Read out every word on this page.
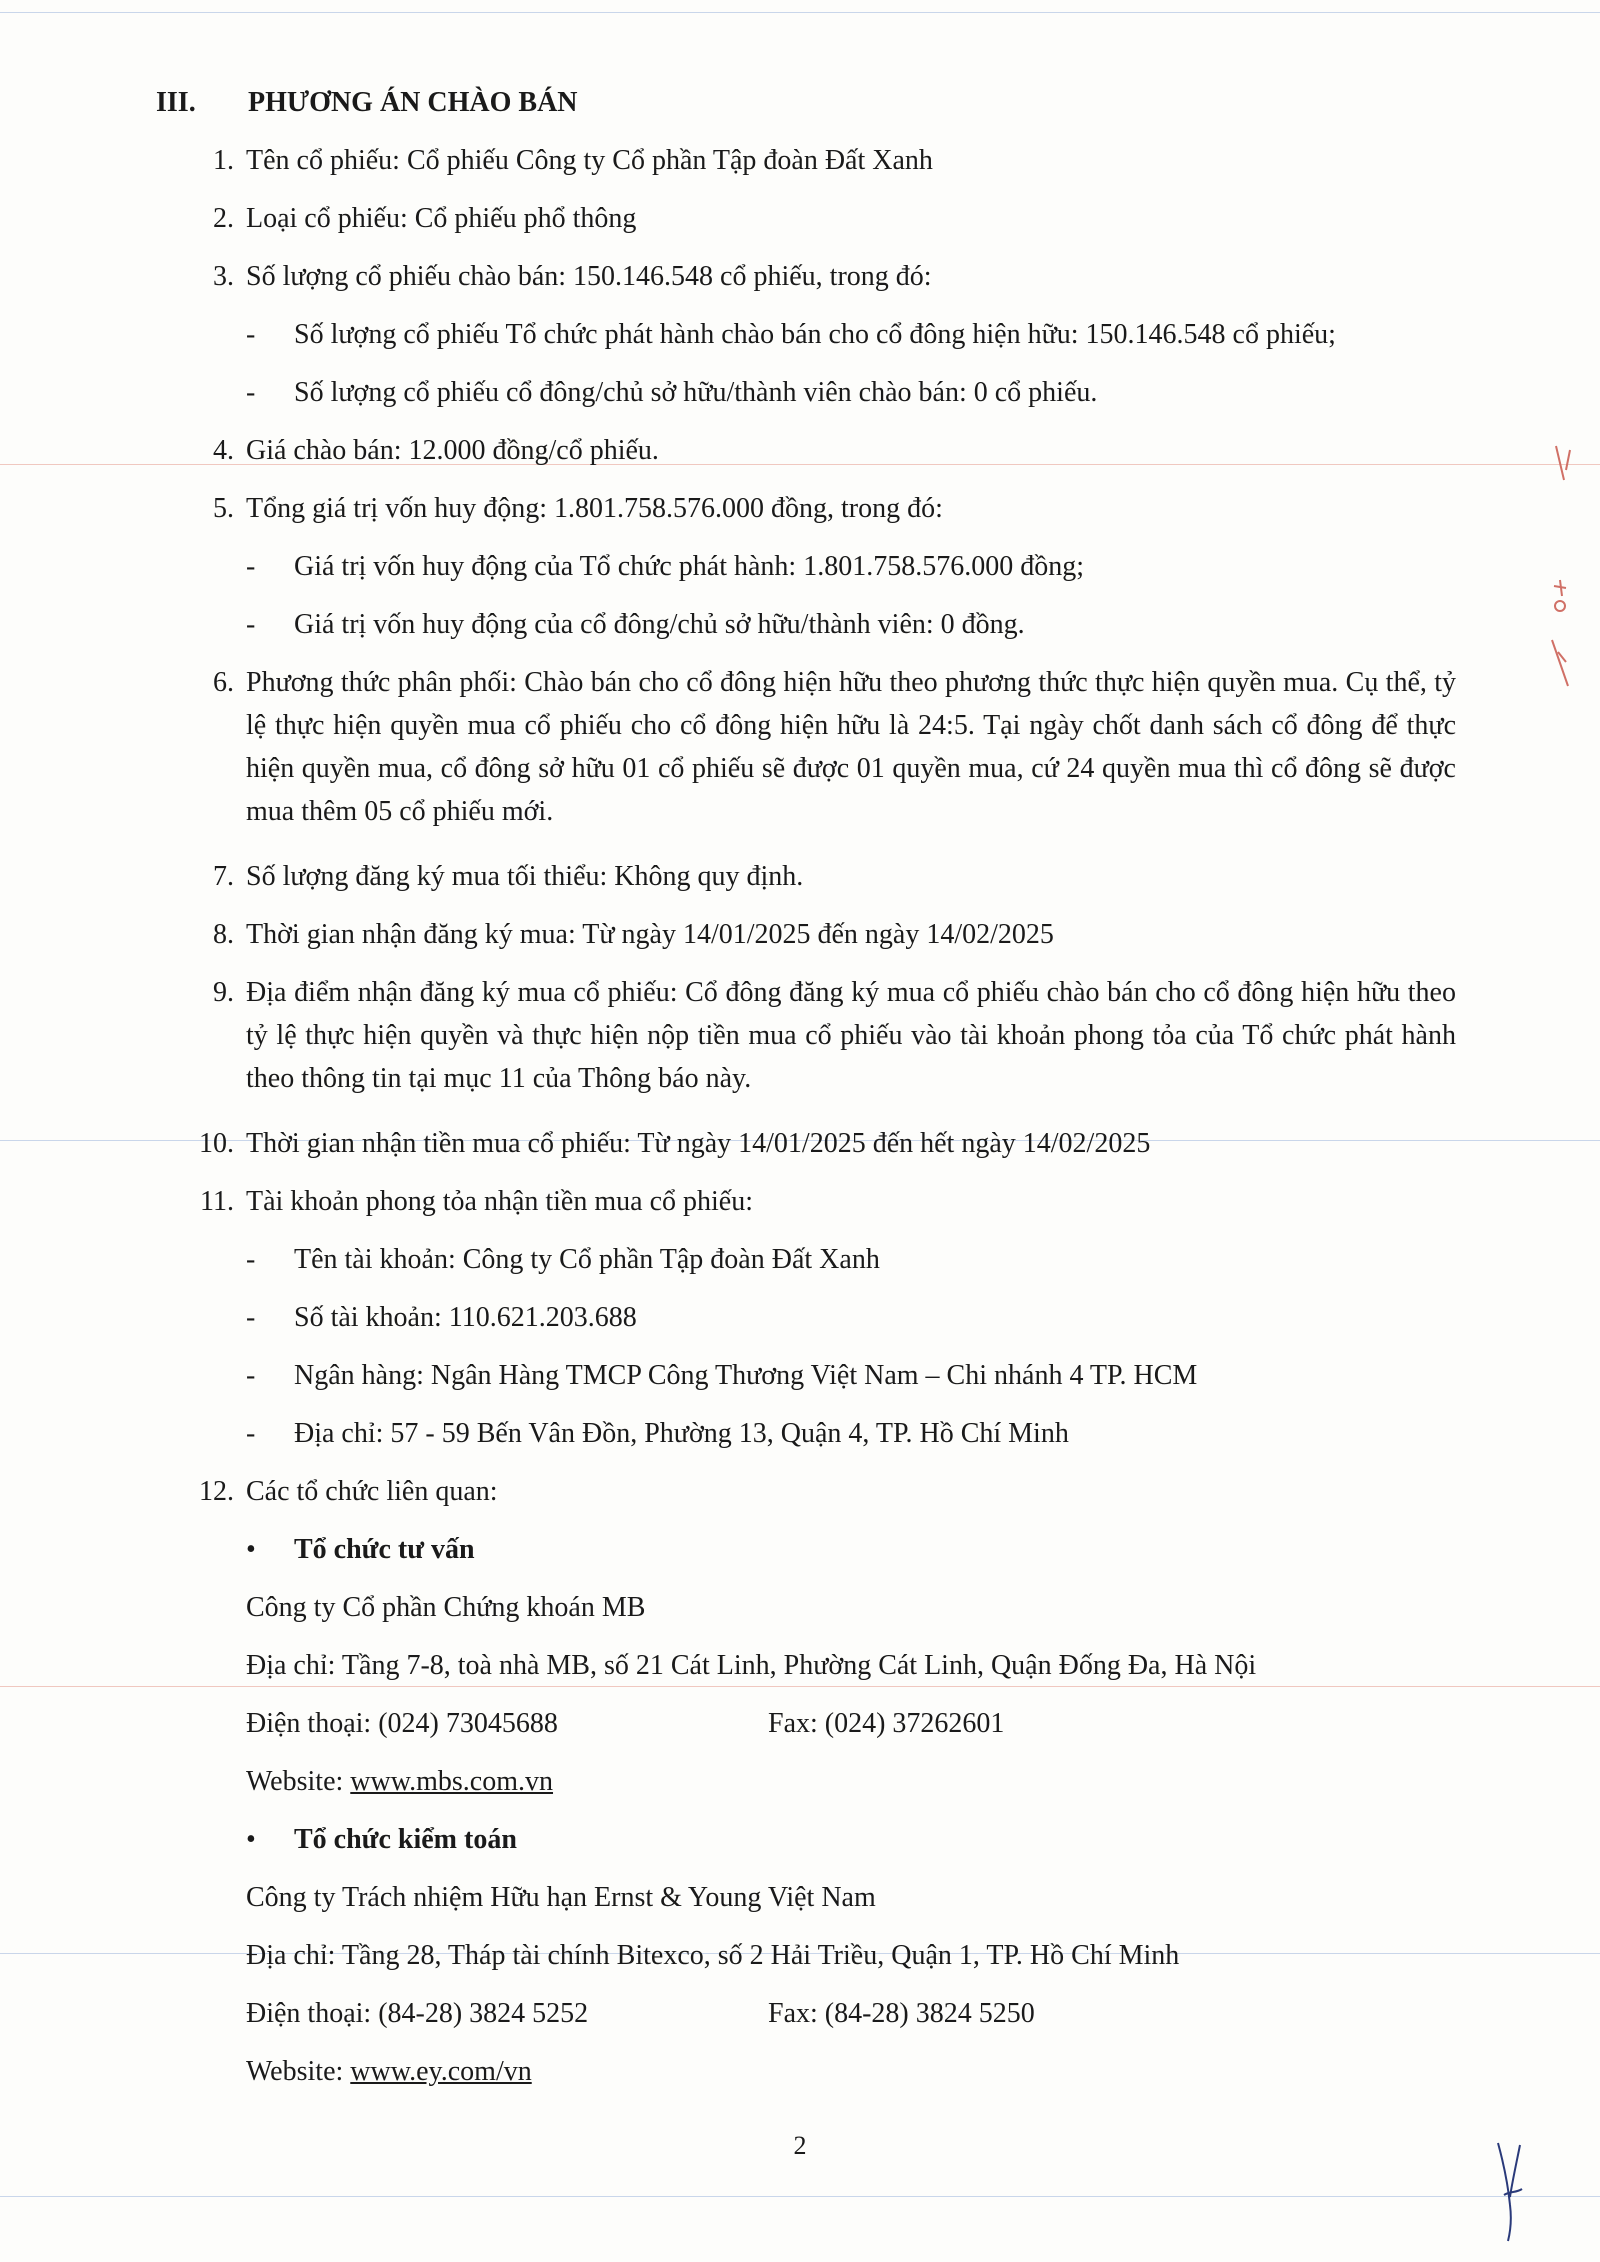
III.	PHƯƠNG ÁN CHÀO BÁN
1. Tên cổ phiếu: Cổ phiếu Công ty Cổ phần Tập đoàn Đất Xanh
2. Loại cổ phiếu: Cổ phiếu phổ thông
3. Số lượng cổ phiếu chào bán: 150.146.548 cổ phiếu, trong đó:
-	Số lượng cổ phiếu Tổ chức phát hành chào bán cho cổ đông hiện hữu: 150.146.548 cổ phiếu;
-	Số lượng cổ phiếu cổ đông/chủ sở hữu/thành viên chào bán: 0 cổ phiếu.
4. Giá chào bán: 12.000 đồng/cổ phiếu.
5. Tổng giá trị vốn huy động: 1.801.758.576.000 đồng, trong đó:
-	Giá trị vốn huy động của Tổ chức phát hành: 1.801.758.576.000 đồng;
-	Giá trị vốn huy động của cổ đông/chủ sở hữu/thành viên: 0 đồng.
6. Phương thức phân phối: Chào bán cho cổ đông hiện hữu theo phương thức thực hiện quyền mua. Cụ thể, tỷ lệ thực hiện quyền mua cổ phiếu cho cổ đông hiện hữu là 24:5. Tại ngày chốt danh sách cổ đông để thực hiện quyền mua, cổ đông sở hữu 01 cổ phiếu sẽ được 01 quyền mua, cứ 24 quyền mua thì cổ đông sẽ được mua thêm 05 cổ phiếu mới.
7. Số lượng đăng ký mua tối thiểu: Không quy định.
8. Thời gian nhận đăng ký mua: Từ ngày 14/01/2025 đến ngày 14/02/2025
9. Địa điểm nhận đăng ký mua cổ phiếu: Cổ đông đăng ký mua cổ phiếu chào bán cho cổ đông hiện hữu theo tỷ lệ thực hiện quyền và thực hiện nộp tiền mua cổ phiếu vào tài khoản phong tỏa của Tổ chức phát hành theo thông tin tại mục 11 của Thông báo này.
10. Thời gian nhận tiền mua cổ phiếu: Từ ngày 14/01/2025 đến hết ngày 14/02/2025
11. Tài khoản phong tỏa nhận tiền mua cổ phiếu:
-	Tên tài khoản: Công ty Cổ phần Tập đoàn Đất Xanh
-	Số tài khoản: 110.621.203.688
-	Ngân hàng: Ngân Hàng TMCP Công Thương Việt Nam – Chi nhánh 4 TP. HCM
-	Địa chỉ: 57 - 59 Bến Vân Đồn, Phường 13, Quận 4, TP. Hồ Chí Minh
12. Các tổ chức liên quan:
•	Tổ chức tư vấn
Công ty Cổ phần Chứng khoán MB
Địa chỉ: Tầng 7-8, toà nhà MB, số 21 Cát Linh, Phường Cát Linh, Quận Đống Đa, Hà Nội
Điện thoại: (024) 73045688	Fax: (024) 37262601
Website: www.mbs.com.vn
•	Tổ chức kiểm toán
Công ty Trách nhiệm Hữu hạn Ernst & Young Việt Nam
Địa chỉ: Tầng 28, Tháp tài chính Bitexco, số 2 Hải Triều, Quận 1, TP. Hồ Chí Minh
Điện thoại: (84-28) 3824 5252	Fax: (84-28) 3824 5250
Website: www.ey.com/vn
2
